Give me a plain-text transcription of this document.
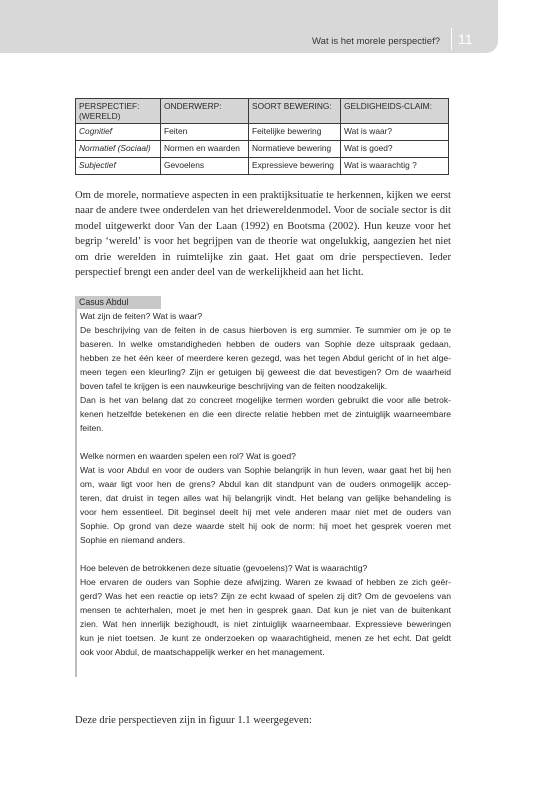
Wat is het morele perspectief? 11
PERSPECTIEF: (WERELD)	ONDERWERP:	SOORT BEWERING:	GELDIGHEIDS-CLAIM:
Cognitief	Feiten	Feitelijke bewering	Wat is waar?
Normatief (Sociaal)	Normen en waarden	Normatieve bewering	Wat is goed?
Subjectief	Gevoelens	Expressieve bewering	Wat is waarachtig ?

Om de morele, normatieve aspecten in een praktijksituatie te herkennen, kijken we eerst naar de andere twee onderdelen van het driewereldenmodel. Voor de sociale sector is dit model uitgewerkt door Van der Laan (1992) en Bootsma (2002). Hun keuze voor het begrip ‘wereld’ is voor het begrijpen van de theorie wat ongelukkig, aangezien het niet om drie werelden in ruimtelijke zin gaat. Het gaat om drie perspectieven. Ieder perspectief brengt een ander deel van de werkelijkheid aan het licht.

Casus Abdul

Wat zijn de feiten? Wat is waar?

De beschrijving van de feiten in de casus hierboven is erg summier. Te summier om je op te

baseren. In welke omstandigheden hebben de ouders van Sophie deze uitspraak gedaan,

hebben ze het één keer of meerdere keren gezegd, was het tegen Abdul gericht of in het alge-

meen tegen een kleurling? Zijn er getuigen bij geweest die dat bevestigen? Om de waarheid

boven tafel te krijgen is een nauwkeurige beschrijving van de feiten noodzakelijk.

Dan is het van belang dat zo concreet mogelijke termen worden gebruikt die voor alle betrok-

kenen hetzelfde betekenen en die een directe relatie hebben met de zintuiglijk waarneembare

feiten.

Welke normen en waarden spelen een rol? Wat is goed?

Wat is voor Abdul en voor de ouders van Sophie belangrijk in hun leven, waar gaat het bij hen

om, waar ligt voor hen de grens? Abdul kan dit standpunt van de ouders onmogelijk accep-

teren, dat druist in tegen alles wat hij belangrijk vindt. Het belang van gelijke behandeling is

voor hem essentieel. Dit beginsel deelt hij met vele anderen maar niet met de ouders van

Sophie. Op grond van deze waarde stelt hij ook de norm: hij moet het gesprek voeren met

Sophie en niemand anders.

Hoe beleven de betrokkenen deze situatie (gevoelens)? Wat is waarachtig?

Hoe ervaren de ouders van Sophie deze afwijzing. Waren ze kwaad of hebben ze zich geër-

gerd? Was het een reactie op iets? Zijn ze echt kwaad of spelen zij dit? Om de gevoelens van

mensen te achterhalen, moet je met hen in gesprek gaan. Dat kun je niet van de buitenkant

zien. Wat hen innerlijk bezighoudt, is niet zintuiglijk waarneembaar. Expressieve beweringen

kun je niet toetsen. Je kunt ze onderzoeken op waarachtigheid, menen ze het echt. Dat geldt

ook voor Abdul, de maatschappelijk werker en het management.

Deze drie perspectieven zijn in figuur 1.1 weergegeven:
